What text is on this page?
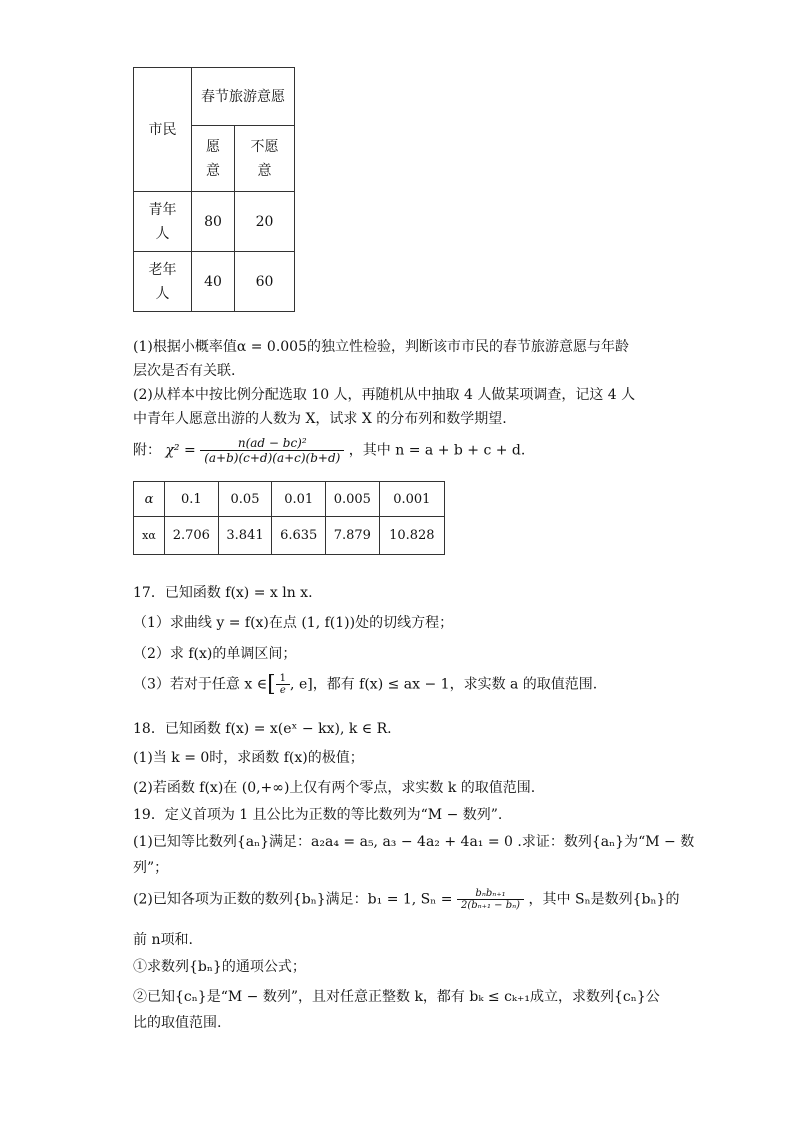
市民	春节旅游意愿	
	愿意	不愿意
青年人	80	20
老年人	40	60
(1)根据小概率值α = 0.005的独立性检验，判断该市市民的春节旅游意愿与年龄
层次是否有关联.
(2)从样本中按比例分配选取 10 人，再随机从中抽取 4 人做某项调查，记这 4 人
中青年人愿意出游的人数为 X，试求 X 的分布列和数学期望.
附： $\chi^2 = \frac{\text{n(ad − bc)²}}{(a+b)(c+d)(a+c)(b+d)}$ ，其中 n = a + b + c + d.
α	0.1	0.05	0.01	0.005	0.001
xα	2.706	3.841	6.635	7.879	10.828
17．已知函数 f(x) = x ln x.
（1）求曲线 y = f(x)在点 (1, f(1))处的切线方程；
（2）求 f(x)的单调区间；
（3）若对于任意 x ∈[ $\frac{1}{e}$ , e]，都有 f(x) ≤ ax − 1，求实数 a 的取值范围.
18．已知函数 f(x) = x(eˣ − kx), k ∈ R.
(1)当 k = 0时，求函数 f(x)的极值；
(2)若函数 f(x)在 (0,+∞)上仅有两个零点，求实数 k 的取值范围.
19．定义首项为 1 且公比为正数的等比数列为“M − 数列”.
(1)已知等比数列{aₙ}满足：a₂a₄ = a₅, a₃ − 4a₂ + 4a₁ = 0 .求证：数列{aₙ}为“M − 数
列”；
(2)已知各项为正数的数列{bₙ}满足：b₁ = 1, $S_n = \frac{\text{bₙbₙ₊₁}}{\text{2(bₙ₊₁ − bₙ)}}$ ，其中 Sₙ是数列{bₙ}的
前 n项和.
①求数列{bₙ}的通项公式；
②已知{cₙ}是“M − 数列”，且对任意正整数 k，都有 bₖ ≤ cₖ₊₁成立，求数列{cₙ}公
比的取值范围.
